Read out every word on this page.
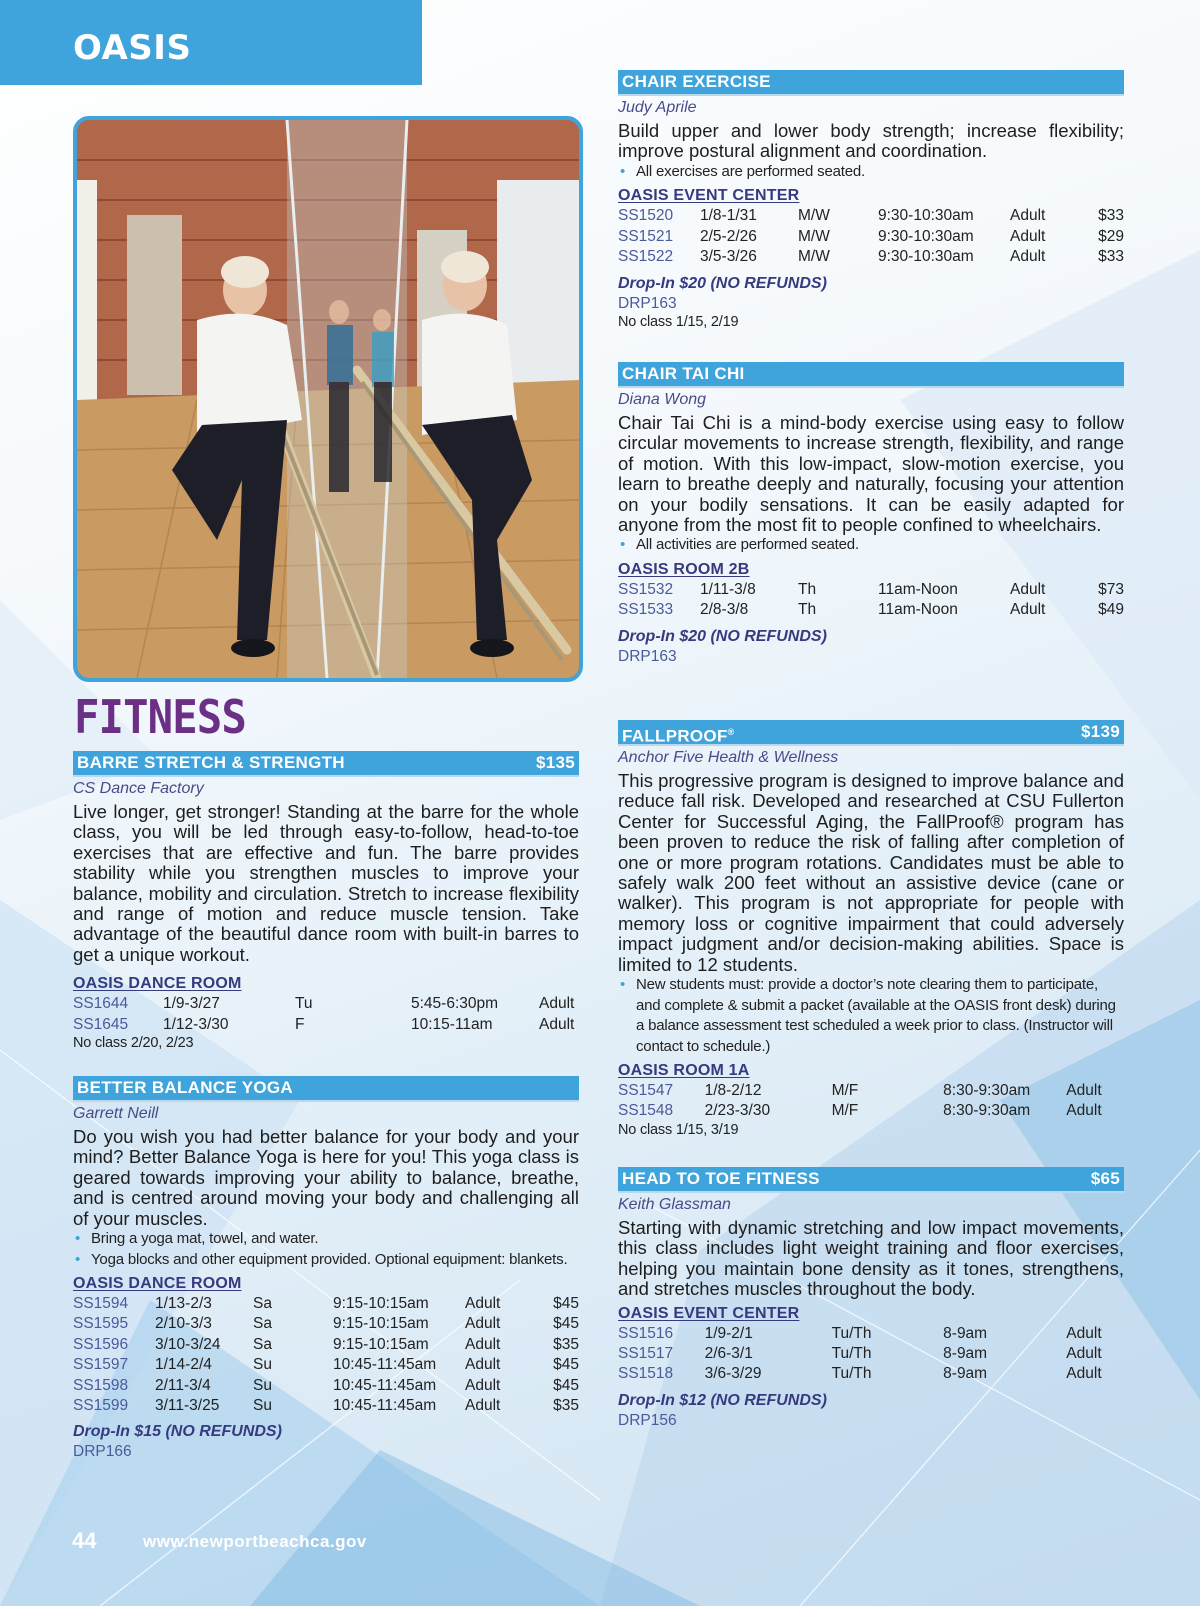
OASIS
FITNESS
BARRE STRETCH & STRENGTH	$135
CS Dance Factory
Live longer, get stronger! Standing at the barre for the whole class, you will be led through easy-to-follow, head-to-toe exercises that are effective and fun. The barre provides stability while you strengthen muscles to improve your balance, mobility and circulation. Stretch to increase flexibility and range of motion and reduce muscle tension. Take advantage of the beautiful dance room with built-in barres to get a unique workout.
OASIS DANCE ROOM
SS1644	1/9-3/27	Tu	5:45-6:30pm	Adult
SS1645	1/12-3/30	F	10:15-11am	Adult
No class 2/20, 2/23
BETTER BALANCE YOGA
Garrett Neill
Do you wish you had better balance for your body and your mind? Better Balance Yoga is here for you! This yoga class is geared towards improving your ability to balance, breathe, and is centred around moving your body and challenging all of your muscles.
• Bring a yoga mat, towel, and water.
• Yoga blocks and other equipment provided. Optional equipment: blankets.
OASIS DANCE ROOM
SS1594	1/13-2/3	Sa	9:15-10:15am	Adult	$45
SS1595	2/10-3/3	Sa	9:15-10:15am	Adult	$45
SS1596	3/10-3/24	Sa	9:15-10:15am	Adult	$35
SS1597	1/14-2/4	Su	10:45-11:45am	Adult	$45
SS1598	2/11-3/4	Su	10:45-11:45am	Adult	$45
SS1599	3/11-3/25	Su	10:45-11:45am	Adult	$35
Drop-In $15 (NO REFUNDS)
DRP166
CHAIR EXERCISE
Judy Aprile
Build upper and lower body strength; increase flexibility; improve postural alignment and coordination.
• All exercises are performed seated.
OASIS EVENT CENTER
SS1520	1/8-1/31	M/W	9:30-10:30am	Adult	$33
SS1521	2/5-2/26	M/W	9:30-10:30am	Adult	$29
SS1522	3/5-3/26	M/W	9:30-10:30am	Adult	$33
Drop-In $20 (NO REFUNDS)
DRP163
No class 1/15, 2/19
CHAIR TAI CHI
Diana Wong
Chair Tai Chi is a mind-body exercise using easy to follow circular movements to increase strength, flexibility, and range of motion. With this low-impact, slow-motion exercise, you learn to breathe deeply and naturally, focusing your attention on your bodily sensations. It can be easily adapted for anyone from the most fit to people confined to wheelchairs.
• All activities are performed seated.
OASIS ROOM 2B
SS1532	1/11-3/8	Th	11am-Noon	Adult	$73
SS1533	2/8-3/8	Th	11am-Noon	Adult	$49
Drop-In $20 (NO REFUNDS)
DRP163
FALLPROOF®	$139
Anchor Five Health & Wellness
This progressive program is designed to improve balance and reduce fall risk. Developed and researched at CSU Fullerton Center for Successful Aging, the FallProof® program has been proven to reduce the risk of falling after completion of one or more program rotations. Candidates must be able to safely walk 200 feet without an assistive device (cane or walker). This program is not appropriate for people with memory loss or cognitive impairment that could adversely impact judgment and/or decision-making abilities. Space is limited to 12 students.
• New students must: provide a doctor’s note clearing them to participate, and complete & submit a packet (available at the OASIS front desk) during a balance assessment test scheduled a week prior to class. (Instructor will contact to schedule.)
OASIS ROOM 1A
SS1547	1/8-2/12	M/F	8:30-9:30am	Adult
SS1548	2/23-3/30	M/F	8:30-9:30am	Adult
No class 1/15, 3/19
HEAD TO TOE FITNESS	$65
Keith Glassman
Starting with dynamic stretching and low impact movements, this class includes light weight training and floor exercises, helping you maintain bone density as it tones, strengthens, and stretches muscles throughout the body.
OASIS EVENT CENTER
SS1516	1/9-2/1	Tu/Th	8-9am	Adult
SS1517	2/6-3/1	Tu/Th	8-9am	Adult
SS1518	3/6-3/29	Tu/Th	8-9am	Adult
Drop-In $12 (NO REFUNDS)
DRP156
44	www.newportbeachca.gov
